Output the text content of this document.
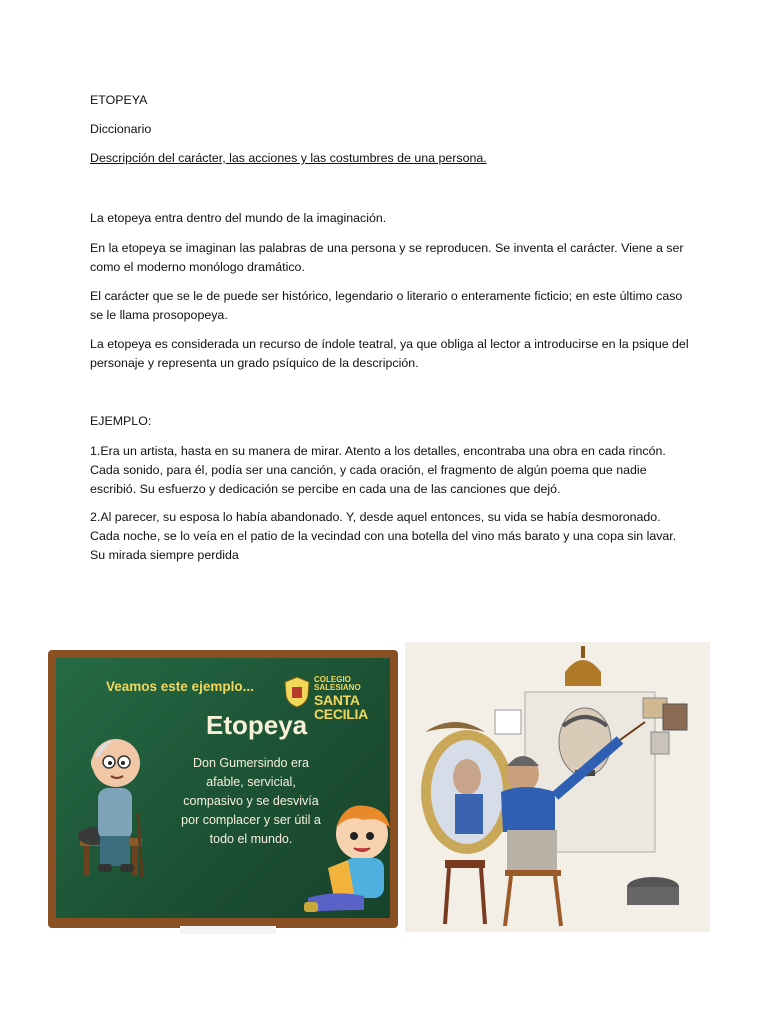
ETOPEYA
Diccionario
Descripción del carácter, las acciones y las costumbres de una persona.

La etopeya entra dentro del mundo de la imaginación.

En la etopeya se imaginan las palabras de una persona y se reproducen. Se inventa el carácter. Viene a ser como el moderno monólogo dramático.

El carácter que se le de puede ser histórico, legendario o literario o enteramente ficticio; en este último caso se le llama prosopopeya.

La etopeya es considerada un recurso de índole teatral, ya que obliga al lector a introducirse en la psique del personaje y representa un grado psíquico de la descripción.

EJEMPLO:

1.Era un artista, hasta en su manera de mirar. Atento a los detalles, encontraba una obra en cada rincón. Cada sonido, para él, podía ser una canción, y cada oración, el fragmento de algún poema que nadie escribió. Su esfuerzo y dedicación se percibe en cada una de las canciones que dejó.

2.Al parecer, su esposa lo había abandonado. Y, desde aquel entonces, su vida se había desmoronado. Cada noche, se lo veía en el patio de la vecindad con una botella del vino más barato y una copa sin lavar. Su mirada siempre perdida

Veamos este ejemplo...	COLEGIO SALESIANO
SANTA CECILIA
Etopeya
Don Gumersindo era
afable, servicial,
compasivo y se desvivía
por complacer y ser útil a
todo el mundo.
